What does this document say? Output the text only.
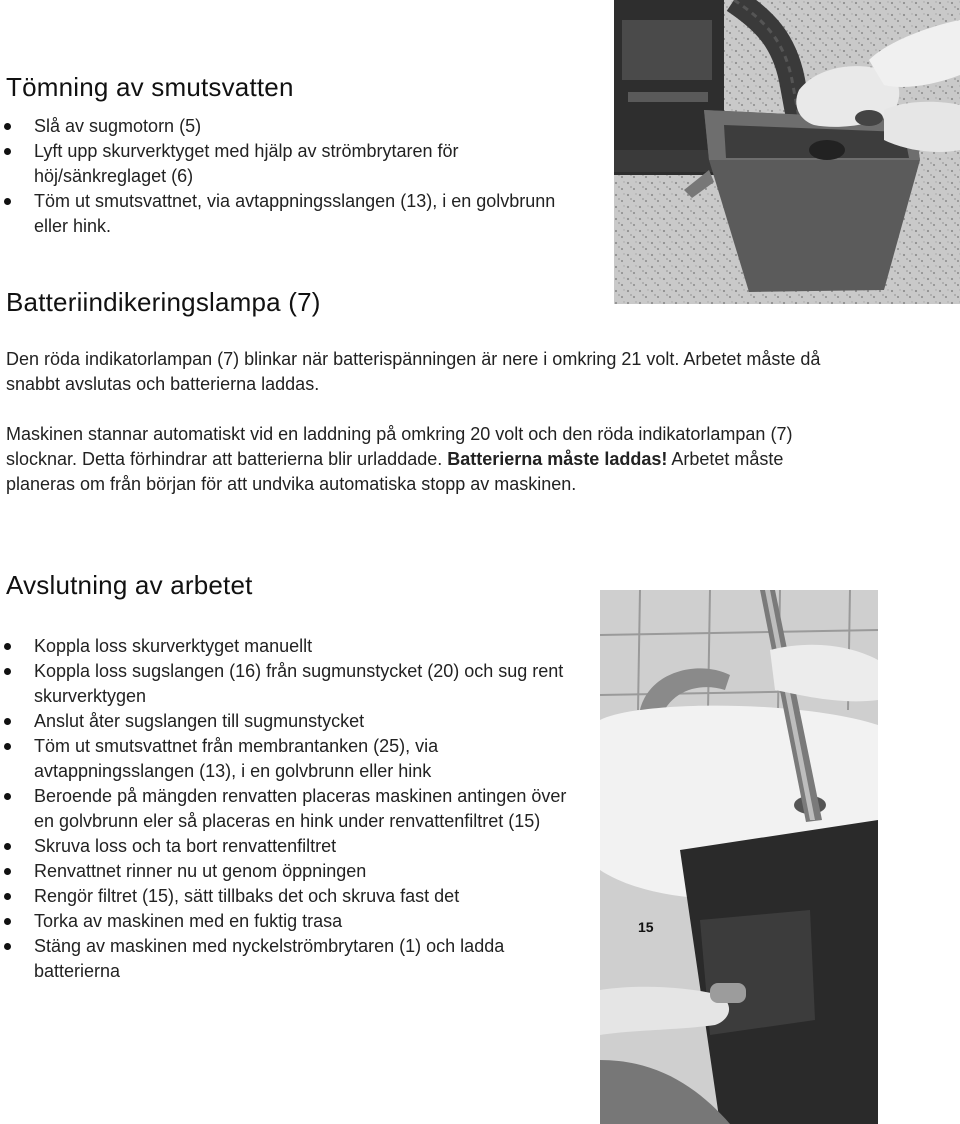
Tömning av smutsvatten
Slå av sugmotorn (5)
Lyft upp skurverktyget med hjälp av strömbrytaren för höj/sänkreglaget (6)
Töm ut smutsvattnet, via avtappningsslangen (13), i en golvbrunn eller hink.
Batteriindikeringslampa (7)

Den röda indikatorlampan (7) blinkar när batterispänningen är nere i omkring 21 volt. Arbetet måste då snabbt avslutas och batterierna laddas.

Maskinen stannar automatiskt vid en laddning på omkring 20 volt och den röda indikatorlampan (7) slocknar. Detta förhindrar att batterierna blir urladdade. Batterierna måste laddas! Arbetet måste planeras om från början för att undvika automatiska stopp av maskinen.

Avslutning av arbetet
Koppla loss skurverktyget manuellt
Koppla loss sugslangen (16) från sugmunstycket (20) och sug rent skurverktygen
Anslut åter sugslangen till sugmunstycket
Töm ut smutsvattnet från membrantanken (25), via avtappningsslangen (13), i en golvbrunn eller hink
Beroende på mängden renvatten placeras maskinen antingen över en golvbrunn eler så placeras en hink under renvattenfiltret (15)
Skruva loss och ta bort renvattenfiltret
Renvattnet rinner nu ut genom öppningen
Rengör filtret (15), sätt tillbaks det och skruva fast det
Torka av maskinen med en fuktig trasa
Stäng av maskinen med nyckelströmbrytaren (1) och ladda batterierna
15
